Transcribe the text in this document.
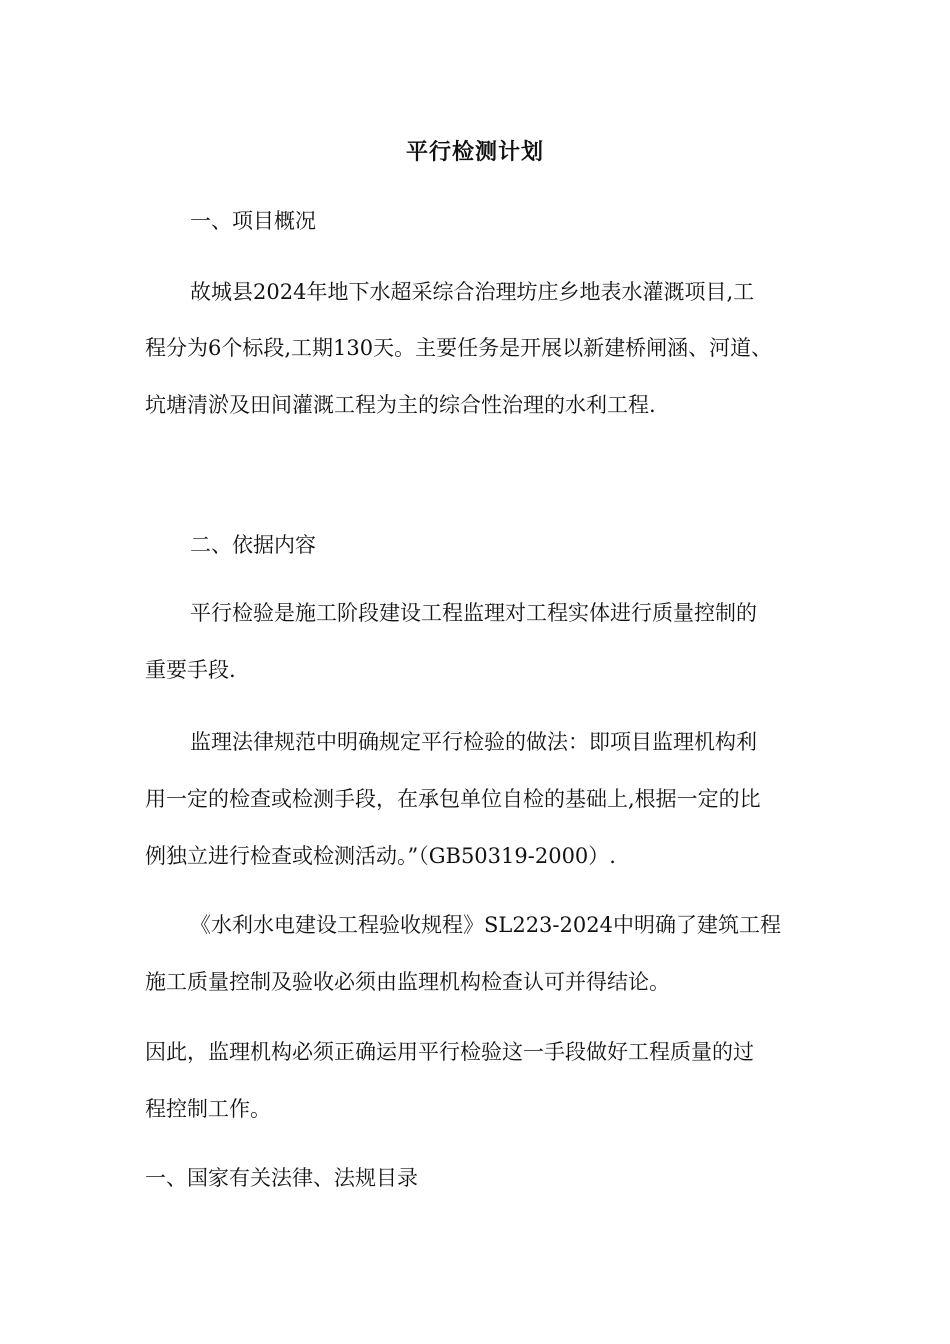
平行检测计划
一、项目概况
故城县2024年地下水超采综合治理坊庄乡地表水灌溉项目,工
程分为6个标段,工期130天。主要任务是开展以新建桥闸涵、河道、
坑塘清淤及田间灌溉工程为主的综合性治理的水利工程.
二、依据内容
平行检验是施工阶段建设工程监理对工程实体进行质量控制的
重要手段.
监理法律规范中明确规定平行检验的做法：即项目监理机构利
用一定的检查或检测手段，在承包单位自检的基础上,根据一定的比
例独立进行检查或检测活动。”（GB50319-2000）.
《水利水电建设工程验收规程》SL223-2024中明确了建筑工程
施工质量控制及验收必须由监理机构检查认可并得结论。
因此，监理机构必须正确运用平行检验这一手段做好工程质量的过
程控制工作。
一、国家有关法律、法规目录
